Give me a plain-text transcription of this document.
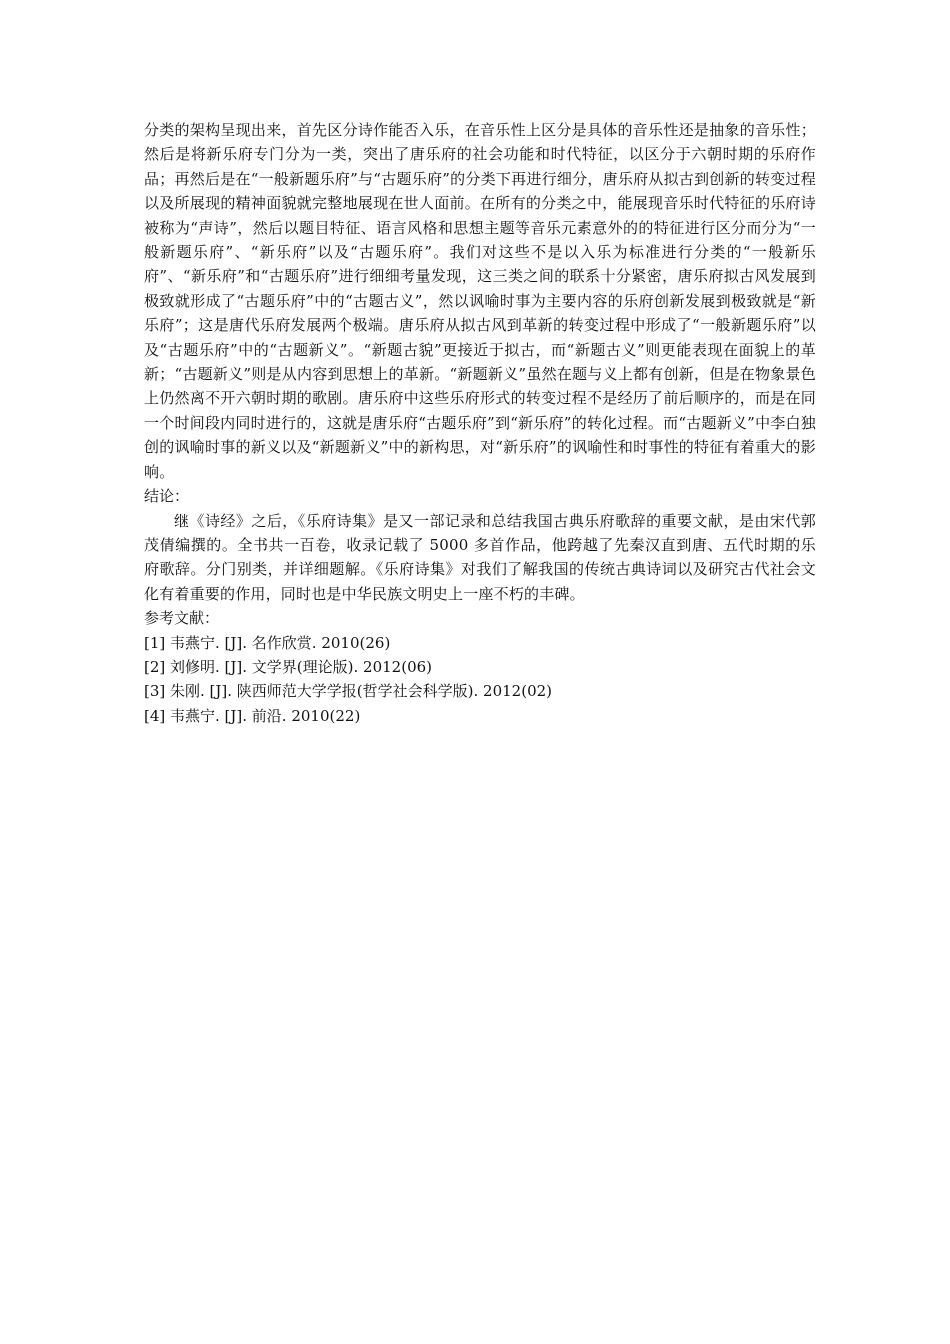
分类的架构呈现出来，首先区分诗作能否入乐，在音乐性上区分是具体的音乐性还是抽象的音乐性；然后是将新乐府专门分为一类，突出了唐乐府的社会功能和时代特征，以区分于六朝时期的乐府作品；再然后是在“一般新题乐府”与“古题乐府”的分类下再进行细分，唐乐府从拟古到创新的转变过程以及所展现的精神面貌就完整地展现在世人面前。在所有的分类之中，能展现音乐时代特征的乐府诗被称为“声诗”，然后以题目特征、语言风格和思想主题等音乐元素意外的的特征进行区分而分为“一般新题乐府”、“新乐府”以及“古题乐府”。我们对这些不是以入乐为标准进行分类的“一般新乐府”、“新乐府”和“古题乐府”进行细细考量发现，这三类之间的联系十分紧密，唐乐府拟古风发展到极致就形成了“古题乐府”中的“古题古义”，然以讽喻时事为主要内容的乐府创新发展到极致就是“新乐府”；这是唐代乐府发展两个极端。唐乐府从拟古风到革新的转变过程中形成了“一般新题乐府”以及“古题乐府”中的“古题新义”。“新题古貌”更接近于拟古，而“新题古义”则更能表现在面貌上的革新；“古题新义”则是从内容到思想上的革新。“新题新义”虽然在题与义上都有创新，但是在物象景色上仍然离不开六朝时期的歌剧。唐乐府中这些乐府形式的转变过程不是经历了前后顺序的，而是在同一个时间段内同时进行的，这就是唐乐府“古题乐府”到“新乐府”的转化过程。而“古题新义”中李白独创的讽喻时事的新义以及“新题新义”中的新构思，对“新乐府”的讽喻性和时事性的特征有着重大的影响。

结论：

继《诗经》之后，《乐府诗集》是又一部记录和总结我国古典乐府歌辞的重要文献，是由宋代郭茂倩编撰的。全书共一百卷，收录记载了 5000 多首作品，他跨越了先秦汉直到唐、五代时期的乐府歌辞。分门别类，并详细题解。《乐府诗集》对我们了解我国的传统古典诗词以及研究古代社会文化有着重要的作用，同时也是中华民族文明史上一座不朽的丰碑。

参考文献：

[1] 韦燕宁. [J]. 名作欣赏. 2010(26)
[2] 刘修明. [J]. 文学界(理论版). 2012(06)
[3] 朱刚. [J]. 陕西师范大学学报(哲学社会科学版). 2012(02)
[4] 韦燕宁. [J]. 前沿. 2010(22)
